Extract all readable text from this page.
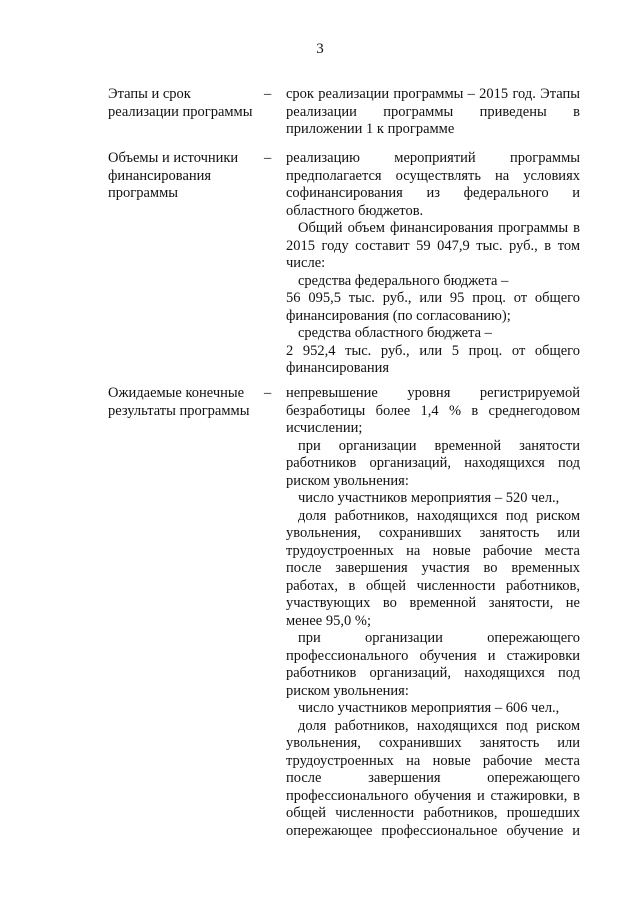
3
Этапы и срок
реализации программы
– срок реализации программы – 2015 год. Этапы реализации программы приведены в приложении 1 к программе

Объемы и источники
финансирования
программы
– реализацию мероприятий программы предполагается осуществлять на условиях софинансирования из федерального и областного бюджетов.

Общий объем финансирования программы в 2015 году составит 59 047,9 тыс. руб., в том числе:

средства федерального бюджета –

56 095,5 тыс. руб., или 95 проц. от общего финансирования (по согласованию);

средства областного бюджета –

2 952,4 тыс. руб., или 5 проц. от общего финансирования

Ожидаемые конечные
результаты программы
– непревышение уровня регистрируемой безработицы более 1,4 % в среднегодовом исчислении;

при организации временной занятости работников организаций, находящихся под риском увольнения:

число участников мероприятия – 520 чел.,

доля работников, находящихся под риском увольнения, сохранивших занятость или трудоустроенных на новые рабочие места после завершения участия во временных работах, в общей численности работников, участвующих во временной занятости, не менее 95,0 %;

при организации опережающего профессионального обучения и стажировки работников организаций, находящихся под риском увольнения:

число участников мероприятия – 606 чел.,

доля работников, находящихся под риском увольнения, сохранивших занятость или трудоустроенных на новые рабочие места после завершения опережающего профессионального обучения и стажировки, в общей численности работников, прошедших опережающее профессиональное обучение и
